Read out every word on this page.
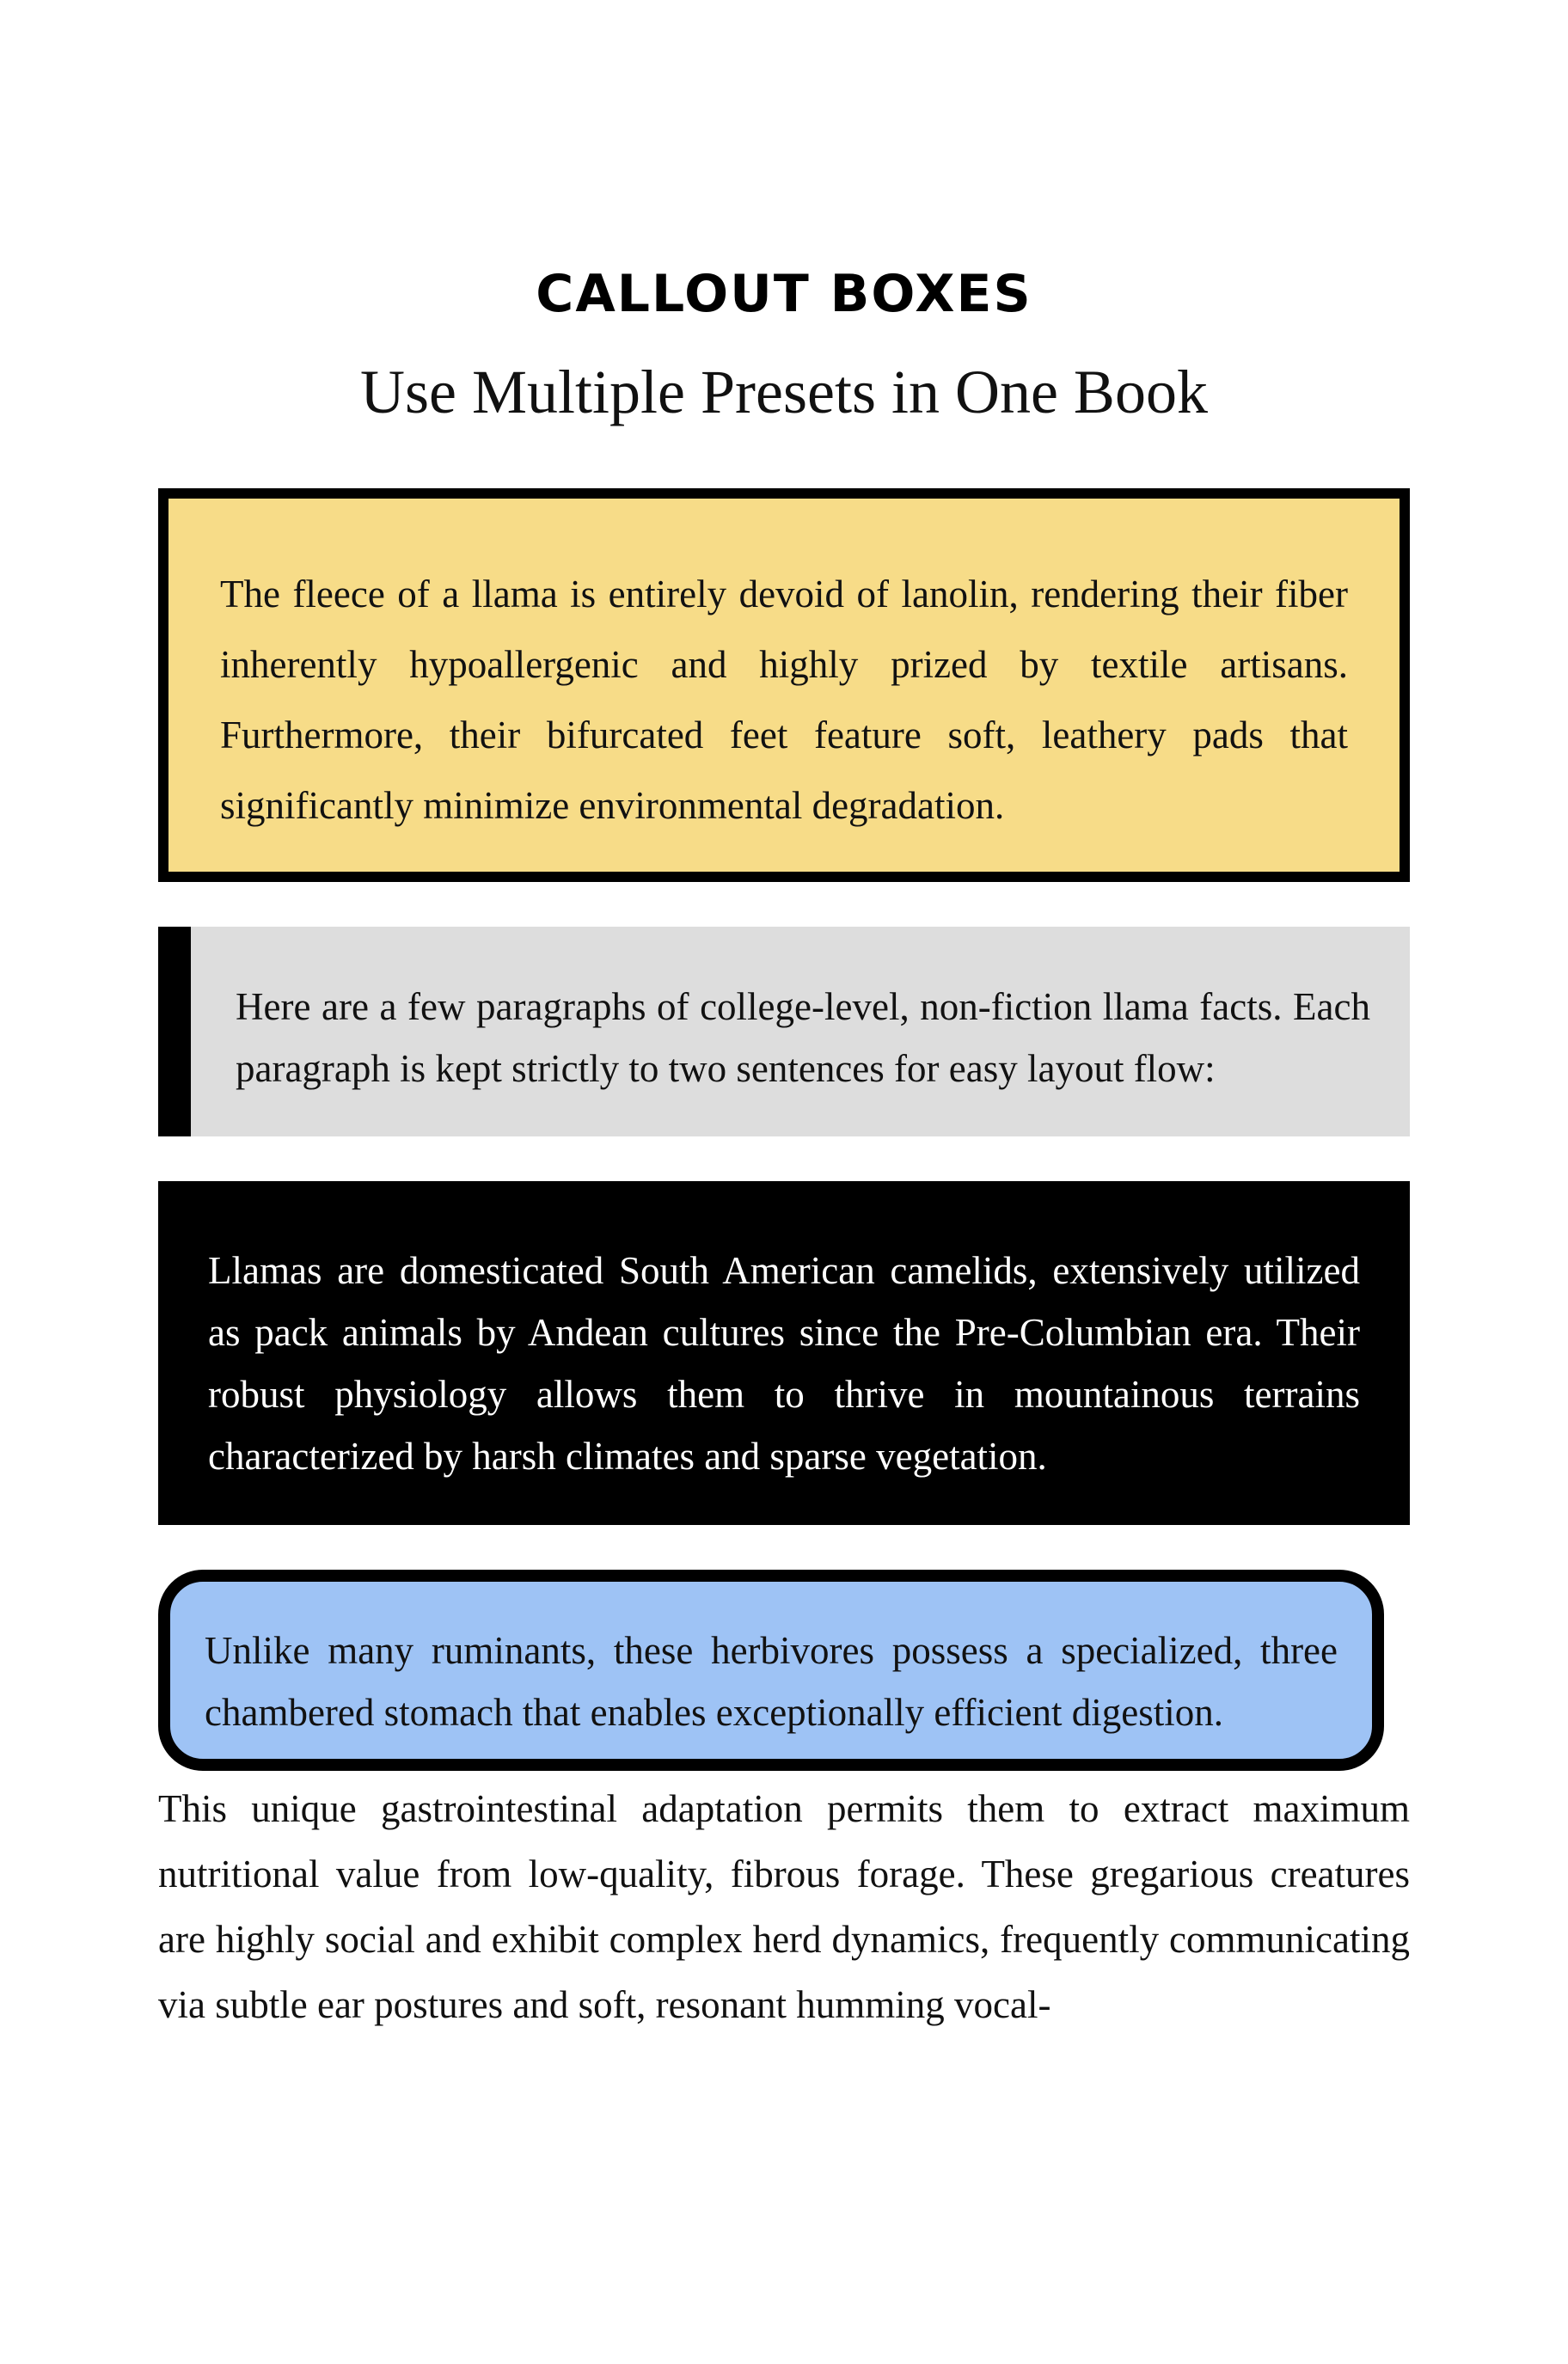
CALLOUT BOXES
Use Multiple Presets in One Book

The fleece of a llama is entirely devoid of lanolin, rendering their fiber inherently hypoallergenic and highly prized by textile artisans. Furthermore, their bifurcated feet feature soft, leathery pads that significantly minimize environmental degradation.

Here are a few paragraphs of college-level, non-fiction llama facts. Each paragraph is kept strictly to two sentences for easy layout flow:

Llamas are domesticated South American camelids, extensively utilized as pack animals by Andean cultures since the Pre-Columbian era. Their robust physiology allows them to thrive in mountainous terrains characterized by harsh climates and sparse vegetation.

Unlike many ruminants, these herbivores possess a specialized, three chambered stomach that enables exceptionally efficient digestion.

This unique gastrointestinal adaptation permits them to extract maximum nutritional value from low-quality, fibrous forage. These gregarious creatures are highly social and exhibit complex herd dynamics, frequently communicating via subtle ear postures and soft, resonant humming vocal-
